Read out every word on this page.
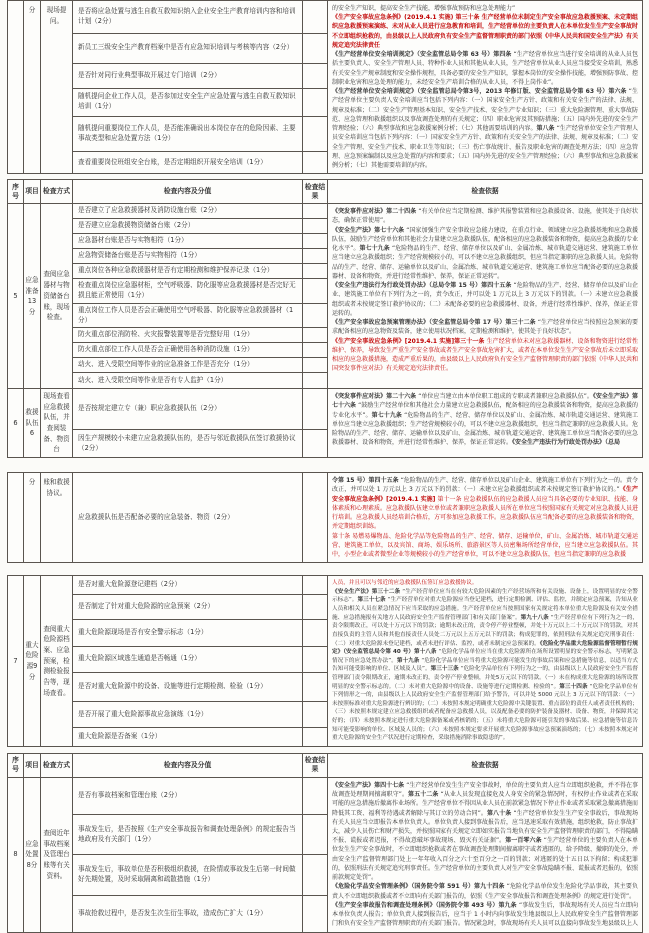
	分	现场提问。	是否将应急处置与逃生自救互救知识纳入企业安全生产教育培训内容和培训计划（2分）		的安全生产知识，提高安全生产技能，增强事故预防和应急处理能力”
《生产安全事故应急条例》(2019.4.1 实施) 第三十条 生产经营单位未制定生产安全事故应急救援预案、未定期组织应急救援预案演练、未对从业人员进行应急教育和培训，生产经营单位的主要负责人在本单位发生生产安全事故时不立即组织抢救的，由县级以上人民政府负有安全生产监督管理职责的部门依照《中华人民共和国安全生产法》有关规定追究法律责任
《生产经营单位安全培训规定》（安全监管总局令第 63 号）第四条 “生产经营单位应当进行安全培训的从业人员包括主要负责人、安全生产管理人员、特种作业人员和其他从业人员，生产经营单位从业人员应当接受安全培训，熟悉有关安全生产规章制度和安全操作规程，具备必要的安全生产知识，掌握本岗位的安全操作技能，增强预防事故、控制职业危害和应急处理的能力，未经安全生产培训合格的从业人员，不得上岗作业”。
《生产经营单位安全培训规定》（安全监管总局令第3号，2013 年修订版、安全监管总局令第 63 号）第六条 “生产经营单位主要负责人安全培训应当包括下列内容：（一）国家安全生产方针、政策和有关安全生产的法律、法规、规章及标准；（二）安全生产管理基本知识、安全生产技术、安全生产专业知识；（三）重大危险源管理、重大事故防范、应急管理和救援组织以及事故调查处理的有关规定；（四）职业危害及其预防措施；（五）国内外先进的安全生产管理经验；（六）典型事故和应急救援案例分析；（七）其他需要培训的内容。第八条 “生产经营单位安全生产管理人员安全培训应当包括下列内容：（一）国家安全生产方针、政策和有关安全生产的法律、法规、规章及标准；（二）安全生产管理、安全生产技术、职业卫生等知识；（三）伤亡事故统计、报告及职业危害的调查处理方法；（四）应急管理、应急预案编制以及应急处置的内容和要求；（五）国内外先进的安全生产管理经验；（六）典型事故和应急救援案例分析；（七）其他需要培训的内容。

			新员工三级安全生产教育档案中是否有应急知识培训与考核等内容（2分）		
			是否针对同行业典型事故开展过专门培训（2分）		
			随机提问企业工作人员，是否参加过安全生产应急处置与逃生自救互救知识培训（1分）		
			随机提问重要岗位工作人员，是否能准确说出本岗位存在的危险因素、主要事故类型和应急处置方法（1分）		
			查看重要岗位班组安全台账，是否定期组织开展安全培训（1分）		
序号	项目	检查方式	检查内容及分值	检查结果	检查依据
5	应急准备13分	查阅应急器材与物资储备台账，现场检查。	是否建立了应急救援器材及消防设施台账（2分）		《突发事件应对法》第二十四条 “有关单位应当定期检测、维护其报警装置和应急救援设备、设施，使其处于良好状态，确保正常使用”。
《安全生产法》第七十六条 “国家加强生产安全事故应急能力建设，在重点行业、领域建立应急救援基地和应急救援队伍，鼓励生产经营单位和其他社会力量建立应急救援队伍，配备相应的应急救援装备和物资，提高应急救援的专业化水平”。第七十九条 “危险物品的生产、经营、储存单位以及矿山、金属冶炼、城市轨道交通运营、建筑施工单位应当建立应急救援组织；生产经营规模较小的，可以不建立应急救援组织，但应当指定兼职的应急救援人员。危险物品的生产、经营、储存、运输单位以及矿山、金属冶炼、城市轨道交通运营、建筑施工单位应当配备必要的应急救援器材、设备和物资，并进行经常性维护、保养，保证正常运转”。
《安全生产违法行为行政处罚办法》（总局令第 15 号）第四十五条 “危险物品的生产、经营、储存单位以及矿山企业、建筑施工单位有下列行为之一的，责令改正，并可以处 1 万元以上 3 万元以下的罚款。（一）未建立应急救援组织或者未按规定签订救护协议的；（二）未配备必要的应急救援器材、设备，并进行经常性维护、保养，保证正常运转的。
《生产安全事故应急预案管理办法》（安全监管总局令第 17 号）第三十二条 “生产经营单位应当按照应急预案的要求配备相应的应急物资及装备，建立使用状况档案，定期检测和维护，使其处于良好状态”。
《生产安全事故应急条例》[2019.4.1 实施]第三十一条 生产经营单位未对应急救援器材、设备和物资进行经常性维护、保养，导致发生严重生产安全事故或者生产安全事故危害扩大，或者在本单位发生生产安全事故后未立即采取相应的应急救援措施，造成严重后果的，由县级以上人民政府负有安全生产监督管理职责的部门依照《中华人民共和国突发事件应对法》有关规定追究法律责任。

			是否建立应急救援物资储备台账（2分）		
			应急器材台账是否与实物相符（1分）		
			应急物资储备台账是否与实物相符（1分）		
			重点岗位各种应急救援器材是否有定期检测和维护保养记录（1分）		
			检查重点岗位应急器材柜，空气呼吸器、防化服等应急救援器材是否完好无损且能正常使用（1分）		
			重点岗位工作人员是否会正确使用空气呼吸器、防化服等应急救援器材（1分）		
			防火重点部位消防栓、火灾报警装置等是否完整好用（1分）		
			防火重点部位工作人员是否会正确使用各种消防设施（1分）		
			动火、进入受限空间等作业的应急准备工作是否充分（1分）		
			动火、进入受限空间等作业是否有专人监护（1分）		
6	救援队伍6	现场查看应急救援队伍，并查阅装备、物资台	是否按规定建立专（兼）职应急救援队伍（2分）		《突发事件应对法》第二十六条 “单位应当建立由本单位职工组成的专职或者兼职应急救援队伍”。《安全生产法》第七十六条 “鼓励生产经营单位和其他社会力量建立应急救援队伍，配备相应的应急救援装备和物资，提高应急救援的专业化水平”。第七十九条 “危险物品的生产、经营、储存单位以及矿山、金属冶炼、城市轨道交通运营、建筑施工单位应当建立应急救援组织；生产经营规模较小的，可以不建立应急救援组织，但应当指定兼职的应急救援人员。危险物品的生产、经营、储存、运输单位以及矿山、金属冶炼、城市轨道交通运营、建筑施工单位应当配备必要的应急救援器材、设备和物资，并进行经常性维护、保养，保证正常运转。《安全生产违法行为行政处罚办法》（总局

			因生产规模较小未建立应急救援队伍的，是否与邻近救援队伍签订救援协议（2分）		
	分	账和救援协议。	应急救援队伍是否配备必要的应急装备、物资（2分）		
令第 15 号）第四十五条 “危险物品的生产、经营、储存单位以及矿山企业、建筑施工单位有下列行为之一的。责令改正，并可以处 1 万元以上 3 万元以下的罚款：（一）未建立应急救援组织或者未按规定签订救护协议的。”《生产安全事故应急条例》[2019.4.1 实施] 第十一条 应急救援队伍的应急救援人员应当具备必要的专业知识、技能、身体素质和心理素质。应急救援队伍建立单位或者兼职应急救援人员所在单位应当按照国家有关规定对应急救援人员进行培训。应急救援人员经培训合格后，方可参加应急救援工作。应急救援队伍应当配备必要的应急救援装备和物资，并定期组织训练。
第十条 易燃易爆物品、危险化学品等危险物品的生产、经营、储存、运输单位，矿山、金属冶炼、城市轨道交通运营、建筑施工单位，以及宾馆、商场、娱乐场所、旅游景区等人员密集场所经营单位，应当建立应急救援队伍。其中，小型企业或者微型企业等规模较小的生产经营单位，可以不建立应急救援队伍，但应当指定兼职的应急救援
7	重大危险源9分	查阅重大危险源档案、应急预案，检测检验报告等，现场查看。	是否对重大危险源登记建档（2分）		人员，并且可以与邻近的应急救援队伍签订应急救援协议。
《安全生产法》第三十二条 “生产经营单位应当在有较大危险因素的生产经营场所和有关设施、设备上，设置明显的安全警示标志”。第三十七条 “生产经营单位对重大危险源应当登记建档，进行定期检测、评估、监控，并制定应急预案，告知从业人员和相关人员在紧急情况下应当采取的应急措施。生产经营单位应当按照国家有关规定将本单位重大危险源及有关安全措施、应急措施报有关地方人民政府安全生产监督管理部门和有关部门备案”。第九十八条 “生产经营单位有下列行为之一的，责令限期改正，可以处十万元以下的罚款；逾期未改正的，责令停产停业整顿，并处十万元以上二十万元以下的罚款，对其直接负责的主管人员和其他直接责任人员处二万元以上五万元以下的罚款；构成犯罪的，依照刑法有关规定追究刑事责任：（二）对重大危险源未登记建档，或者未进行评估、监控，或者未制定应急预案的。《危险化学品重大危险源监督管理暂行规定》（安全监管总局令第 40 号）第十八条 “危险化学品单位应当在重大危险源所在场所设置明显的安全警示标志，写明紧急情况下的应急处置办法”。第十九条 “危险化学品单位应当将重大危险源可能发生的事故后果和应急措施等信息，以适当方式告知可能受影响的单位、区域及人员”。第三十三条 “危险化学品单位有下列行为之一的，由县级以上人民政府安全生产监督管理部门责令限期改正，逾期未改正的，责令停产停业整顿，并处5万元以下的罚款。（一）未在构成重大危险源的场所设置明显的安全警示标志的。（二）未对重大危险源中的设备、设施等进行定期检测、检验的”。第三十四条 “危险化学品单位有下列情形之一的，由县级以上人民政府安全生产监督管理部门给予警告，可以并处 5000 元以上 3 万元以下的罚款：（一）未按照标准对重大危险源进行辨识的；（二）未按照本规定明确重大危险源中关键装置、重点部位的责任人或者责任机构的；（三）未按照本规定建立应急救援组织或者配备应急救援人员，以及配备必要的防护装备及器材、设备、物资，并保障其完好的；（四）未按照本规定进行重大危险源备案或者核销的；（五）未将重大危险源可能引发的事故后果、应急措施等信息告知可能受影响的单位、区域及人员的；（六）未按照本规定要求开展重大危险源事故应急预案演练的；（七）未按照本规定对重大危险源的安全生产状况进行定期检查，采取措施消除事故隐患的”。

			是否制定了针对重大危险源的应急预案（2分）		
			重大危险源现场是否有安全警示标志（1分）		
			重大危险源区域逃生通道是否畅通（1分）		
			是否对重大危险源中的设备、设施等进行定期检测、检验（1分）		
			是否开展了重大危险源事故应急演练（1分）		
			重大危险源是否备案（1分）		
序号	项目	检查方式	检查内容及分值	检查结果	检查依据
8	应急处置8分	查阅近年事故档案及管理台账等有关资料。	是否有事故档案和管理台账（2分）		《安全生产法》第四十七条 “生产经营单位发生生产安全事故时，单位的主要负责人应当立即组织抢救，并不得在事故调查处理期间擅离职守”。第五十二条 “从业人员发现直接危及人身安全的紧急情况时，有权停止作业或者在采取可能的应急措施后撤离作业场所。生产经营单位不得因从业人员在前款紧急情况下停止作业或者采取紧急撤离措施而降低其工资、福利等待遇或者解除与其订立的劳动合同”。第八十条 “生产经营单位发生生产安全事故后，事故现场有关人员应当立即报告本单位负责人。单位负责人接到事故报告后，应当迅速采取有效措施，组织抢救，防止事故扩大，减少人员伤亡和财产损失，并按照国家有关规定立即如实报告当地负有安全生产监督管理职责的部门，不得隐瞒不报、谎报或者迟报，不得故意破坏事故现场、毁灭有关证据”。第一百零六条 “生产经营单位的主要负责人在本单位发生生产安全事故时，不立即组织抢救或者在事故调查处理期间擅离职守或者逃匿的，给予降级、撤职的处分，并由安全生产监督管理部门处上一年年收入百分之六十至百分之一百的罚款；对逃匿的处十五日以下拘留；构成犯罪的，依照刑法有关规定追究刑事责任。生产经营单位的主要负责人对生产安全事故隐瞒不报、谎报或者迟报的，依照前款规定处罚”。
《危险化学品安全管理条例》（国务院令第 591 号）第九十四条 “危险化学品单位发生危险化学品事故，其主要负责人不立即组织救援或者不立即向有关部门报告的，依照《生产安全事故报告和调查处理条例》的规定进行处罚”。
《生产安全事故报告和调查处理条例》（国务院令第 493 号）第九条 “事故发生后，事故现场有关人员应当立即向本单位负责人报告；单位负责人接到报告后，应当于 1 小时内向事故发生地县级以上人民政府安全生产监督管理部门和负有安全生产监督管理职责的有关部门报告。情况紧急时，事故现场有关人员可以直接向事故发生地县级以上人

			事故发生后，是否按照《生产安全事故报告和调查处理条例》的规定报告当地政府及有关部门（1分）		
			事故发生后，事故单位是否积极组织救援，在险情或事故发生后第一时间做好先期处置，及时采取隔离和疏散措施（1分）		
			事故抢救过程中，是否发生次生衍生事故，造成伤亡扩大（1分）		
